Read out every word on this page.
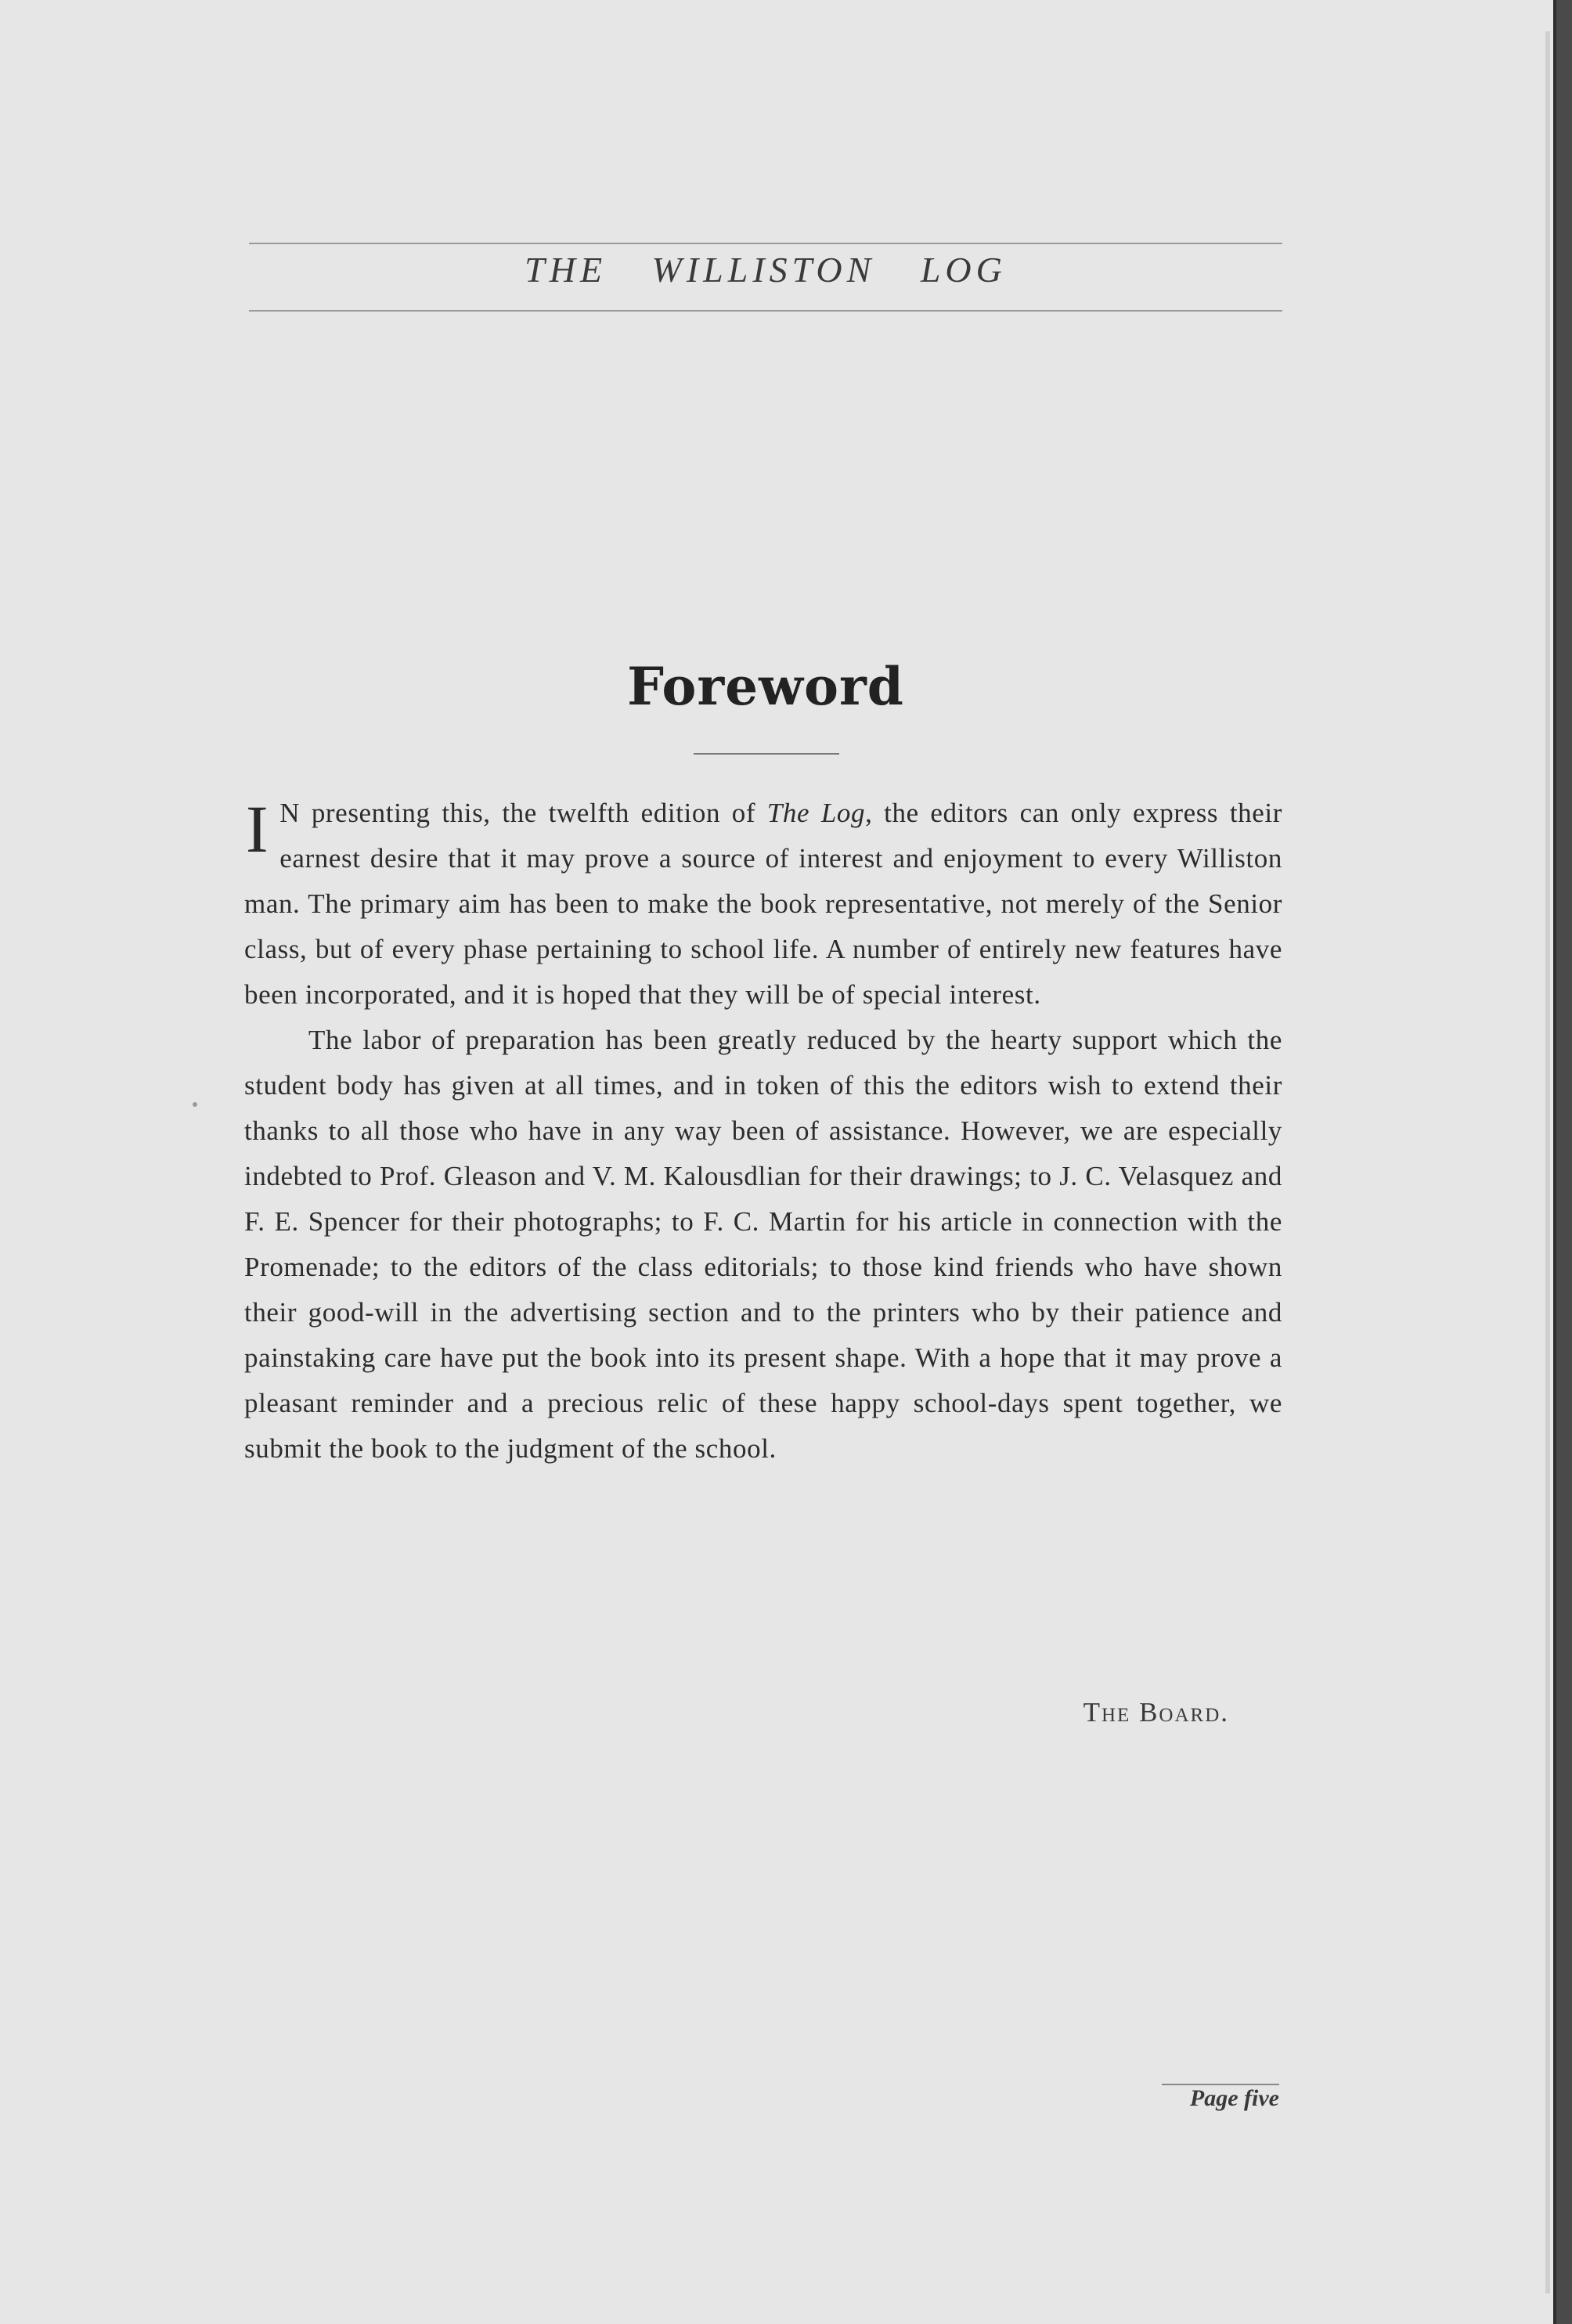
THE WILLISTON LOG
Foreword

I N presenting this, the twelfth edition of The Log, the editors can only express their earnest desire that it may prove a source of interest and enjoyment to every Williston man. The primary aim has been to make the book representative, not merely of the Senior class, but of every phase pertaining to school life. A number of entirely new features have been incorporated, and it is hoped that they will be of special interest.

The labor of preparation has been greatly reduced by the hearty support which the student body has given at all times, and in token of this the editors wish to extend their thanks to all those who have in any way been of assistance. However, we are especially indebted to Prof. Gleason and V. M. Kalousdlian for their drawings; to J. C. Velasquez and F. E. Spencer for their photographs; to F. C. Martin for his article in connection with the Promenade; to the editors of the class editorials; to those kind friends who have shown their good-will in the advertising section and to the printers who by their patience and painstaking care have put the book into its present shape. With a hope that it may prove a pleasant reminder and a precious relic of these happy school-days spent together, we submit the book to the judgment of the school.

The Board.
Page five
